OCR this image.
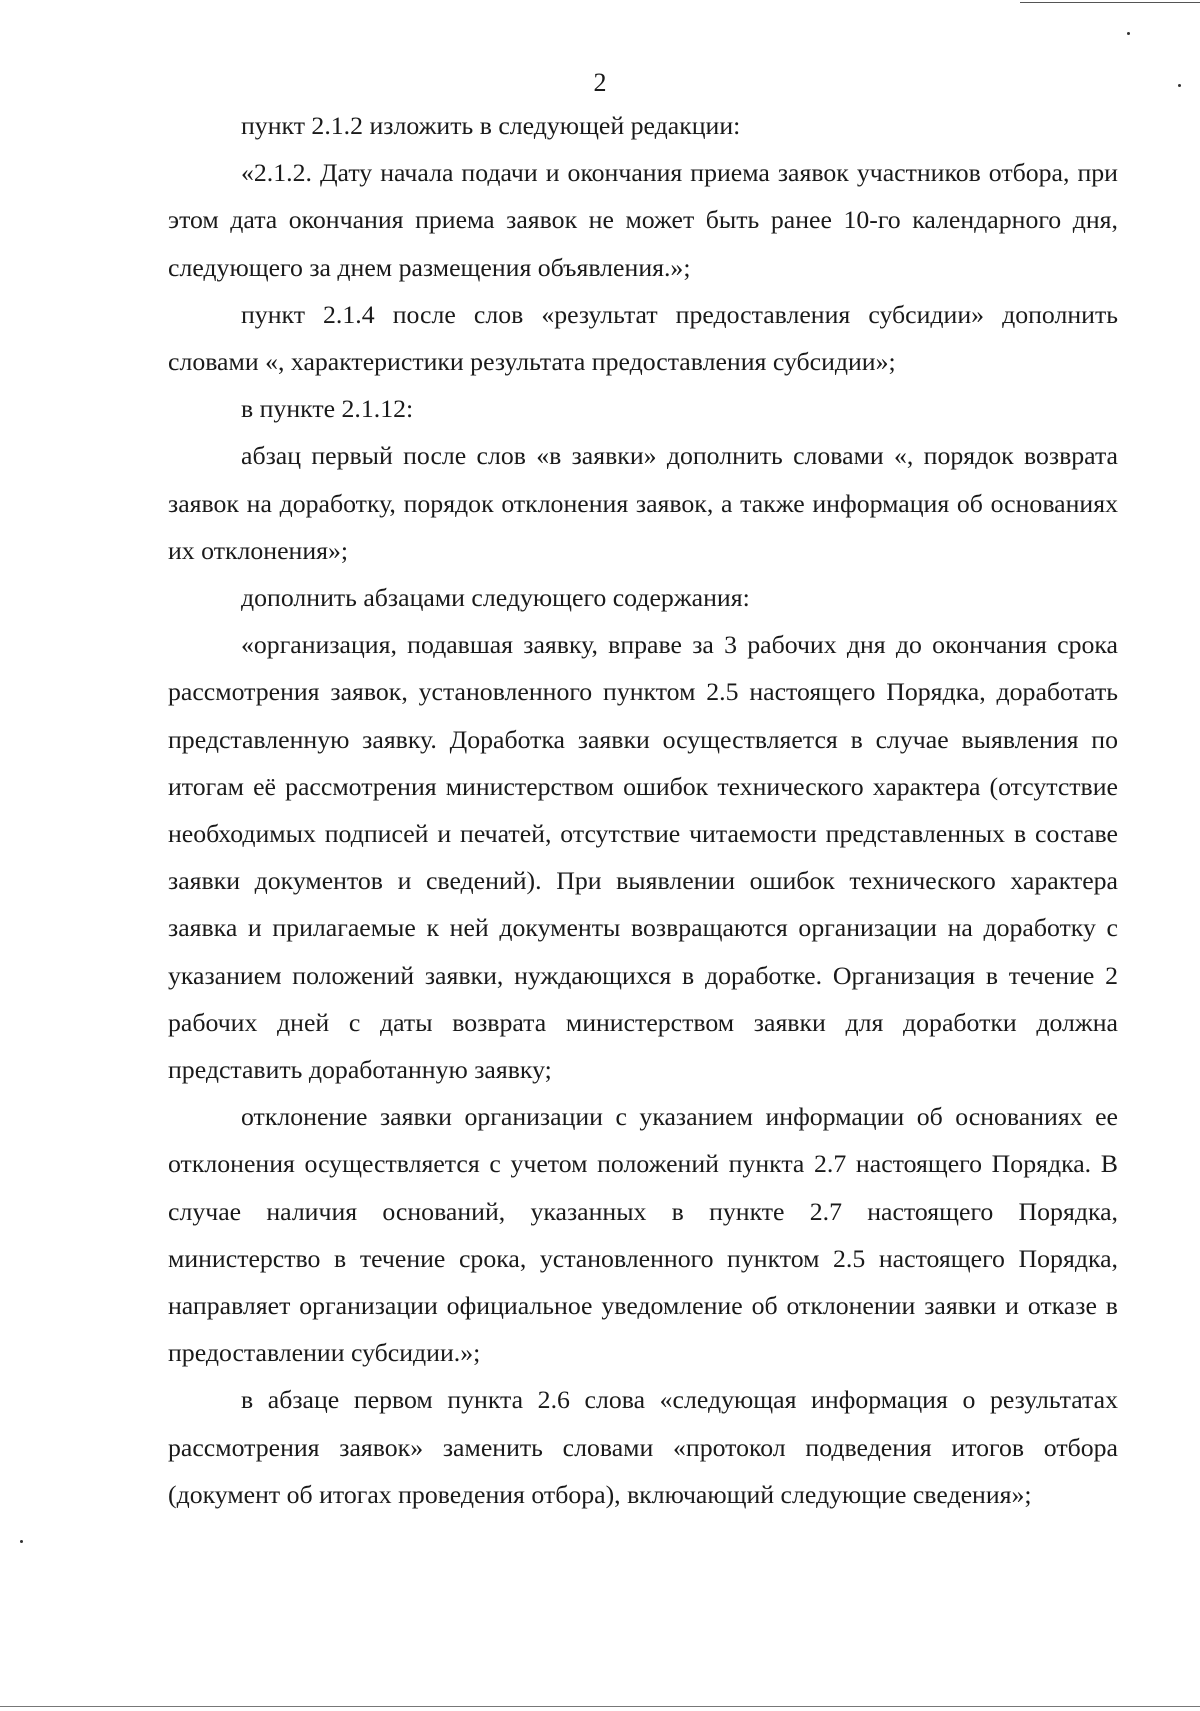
2

пункт 2.1.2 изложить в следующей редакции:

«2.1.2. Дату начала подачи и окончания приема заявок участников отбора, при этом дата окончания приема заявок не может быть ранее 10-го календарного дня, следующего за днем размещения объявления.»;

пункт 2.1.4 после слов «результат предоставления субсидии» дополнить словами «, характеристики результата предоставления субсидии»;

в пункте 2.1.12:

абзац первый после слов «в заявки» дополнить словами «, порядок возврата заявок на доработку, порядок отклонения заявок, а также информация об основаниях их отклонения»;

дополнить абзацами следующего содержания:

«организация, подавшая заявку, вправе за 3 рабочих дня до окончания срока рассмотрения заявок, установленного пунктом 2.5 настоящего Порядка, доработать представленную заявку. Доработка заявки осуществляется в случае выявления по итогам её рассмотрения министерством ошибок технического характера (отсутствие необходимых подписей и печатей, отсутствие читаемости представленных в составе заявки документов и сведений). При выявлении ошибок технического характера заявка и прилагаемые к ней документы возвращаются организации на доработку с указанием положений заявки, нуждающихся в доработке. Организация в течение 2 рабочих дней с даты возврата министерством заявки для доработки должна представить доработанную заявку;

отклонение заявки организации с указанием информации об основаниях ее отклонения осуществляется с учетом положений пункта 2.7 настоящего Порядка. В случае наличия оснований, указанных в пункте 2.7 настоящего Порядка, министерство в течение срока, установленного пунктом 2.5 настоящего Порядка, направляет организации официальное уведомление об отклонении заявки и отказе в предоставлении субсидии.»;

в абзаце первом пункта 2.6 слова «следующая информация о результатах рассмотрения заявок» заменить словами «протокол подведения итогов отбора (документ об итогах проведения отбора), включающий следующие сведения»;
